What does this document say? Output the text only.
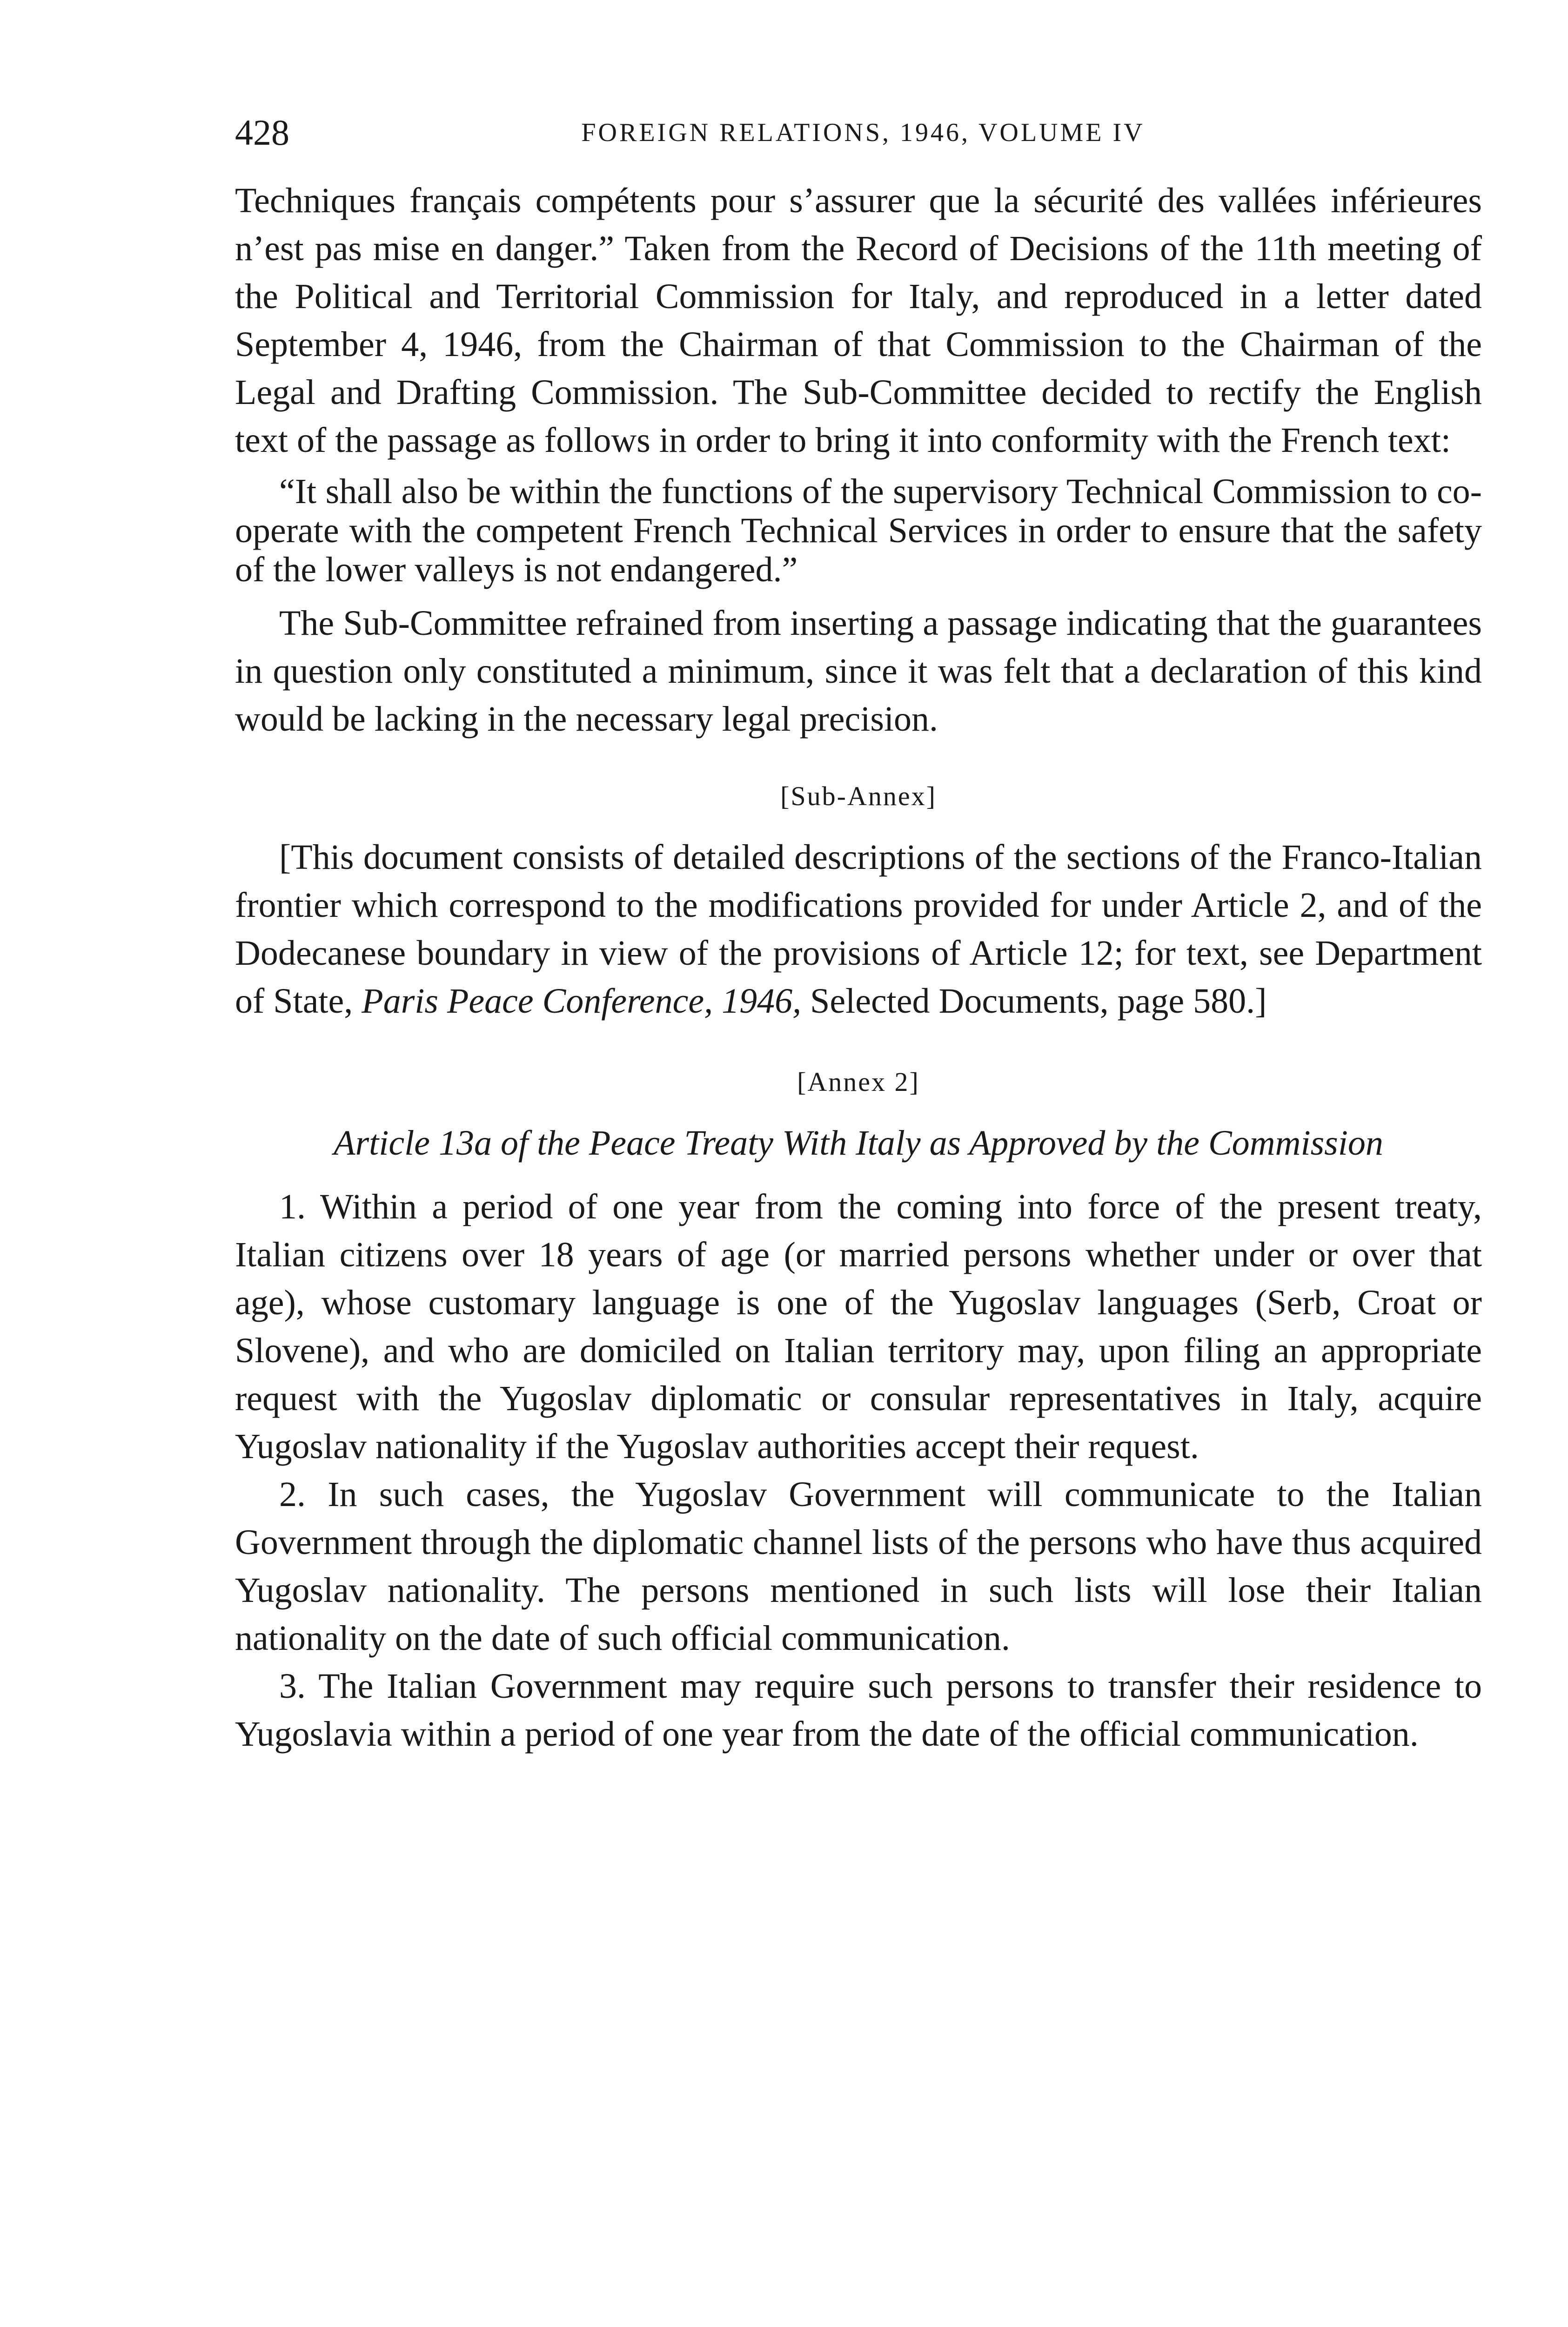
FOREIGN RELATIONS, 1946, VOLUME IV
428

Techniques français compétents pour s’assurer que la sécurité des vallées inférieures n’est pas mise en danger.” Taken from the Record of Decisions of the 11th meeting of the Political and Territorial Commission for Italy, and reproduced in a letter dated September 4, 1946, from the Chairman of that Commission to the Chairman of the Legal and Drafting Commission. The Sub-Committee decided to rectify the English text of the passage as follows in order to bring it into conformity with the French text:

“It shall also be within the functions of the supervisory Technical Commission to co-operate with the competent French Technical Services in order to ensure that the safety of the lower valleys is not endangered.”

The Sub-Committee refrained from inserting a passage indicating that the guarantees in question only constituted a minimum, since it was felt that a declaration of this kind would be lacking in the necessary legal precision.

[Sub-Annex]

[This document consists of detailed descriptions of the sections of the Franco-Italian frontier which correspond to the modifications provided for under Article 2, and of the Dodecanese boundary in view of the provisions of Article 12; for text, see Department of State, Paris Peace Conference, 1946, Selected Documents, page 580.]

[Annex 2]

Article 13a of the Peace Treaty With Italy as Approved by the Commission

1. Within a period of one year from the coming into force of the present treaty, Italian citizens over 18 years of age (or married persons whether under or over that age), whose customary language is one of the Yugoslav languages (Serb, Croat or Slovene), and who are domiciled on Italian territory may, upon filing an appropriate request with the Yugoslav diplomatic or consular representatives in Italy, acquire Yugoslav nationality if the Yugoslav authorities accept their request.

2. In such cases, the Yugoslav Government will communicate to the Italian Government through the diplomatic channel lists of the persons who have thus acquired Yugoslav nationality. The persons mentioned in such lists will lose their Italian nationality on the date of such official communication.

3. The Italian Government may require such persons to transfer their residence to Yugoslavia within a period of one year from the date of the official communication.
